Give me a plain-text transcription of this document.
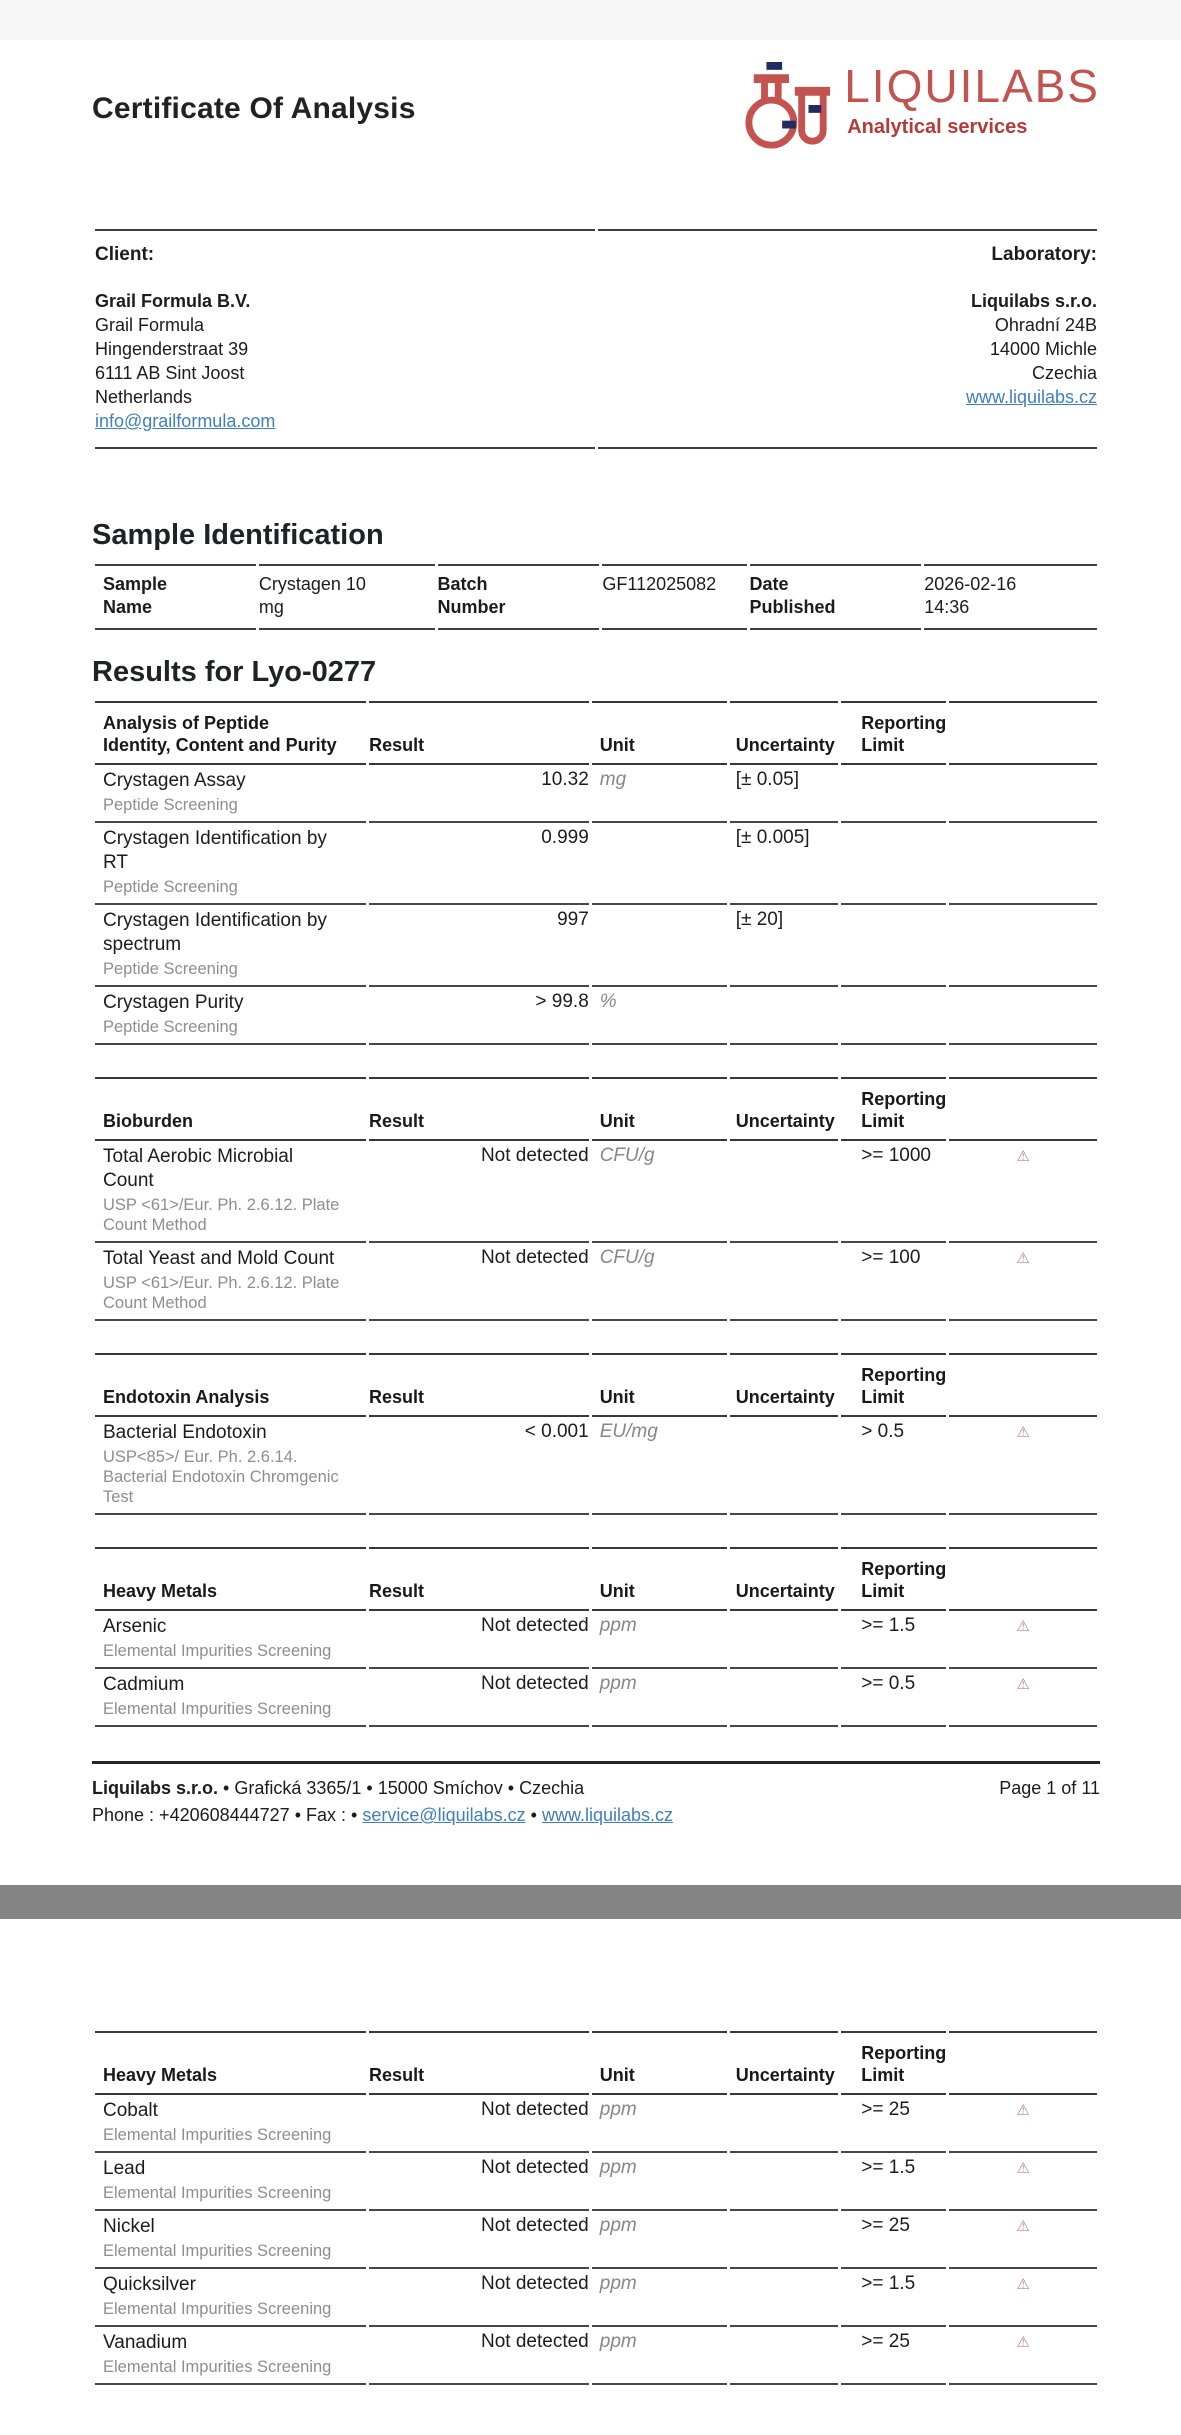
Certificate Of Analysis	LIQUILABS
Analytical services
Client:
Grail Formula B.V.
Grail Formula
Hingenderstraat 39
6111 AB Sint Joost
Netherlands
info@grailformula.com

Laboratory:
Liquilabs s.r.o.
Ohradní 24B
14000 Michle
Czechia
www.liquilabs.cz
Sample Identification
Sample Name	Crystagen 10 mg	Batch Number	GF112025082	Date Published	2026-02-16 14:36
Results for Lyo-0277
Analysis of Peptide Identity, Content and Purity	Result	Unit	Uncertainty	Reporting Limit	

Crystagen Assay
Peptide Screening	10.32	mg	[± 0.05]		

Crystagen Identification by RT
Peptide Screening	0.999		[± 0.005]		

Crystagen Identification by spectrum
Peptide Screening	997		[± 20]		

Crystagen Purity
Peptide Screening	> 99.8	%			
Bioburden	Result	Unit	Uncertainty	Reporting Limit	

Total Aerobic Microbial Count
USP <61>/Eur. Ph. 2.6.12. Plate Count Method	Not detected	CFU/g		>= 1000	⚠

Total Yeast and Mold Count
USP <61>/Eur. Ph. 2.6.12. Plate Count Method	Not detected	CFU/g		>= 100	⚠
Endotoxin Analysis	Result	Unit	Uncertainty	Reporting Limit	

Bacterial Endotoxin
USP<85>/ Eur. Ph. 2.6.14. Bacterial Endotoxin Chromgenic Test	< 0.001	EU/mg		> 0.5	⚠
Heavy Metals	Result	Unit	Uncertainty	Reporting Limit	

Arsenic
Elemental Impurities Screening	Not detected	ppm		>= 1.5	⚠

Cadmium
Elemental Impurities Screening	Not detected	ppm		>= 0.5	⚠
Liquilabs s.r.o. • Grafická 3365/1 • 15000 Smíchov • Czechia
Phone : +420608444727 • Fax : • service@liquilabs.cz • www.liquilabs.cz
Page 1 of 11
Heavy Metals	Result	Unit	Uncertainty	Reporting Limit	

Cobalt
Elemental Impurities Screening	Not detected	ppm		>= 25	⚠

Lead
Elemental Impurities Screening	Not detected	ppm		>= 1.5	⚠

Nickel
Elemental Impurities Screening	Not detected	ppm		>= 25	⚠

Quicksilver
Elemental Impurities Screening	Not detected	ppm		>= 1.5	⚠

Vanadium
Elemental Impurities Screening	Not detected	ppm		>= 25	⚠
